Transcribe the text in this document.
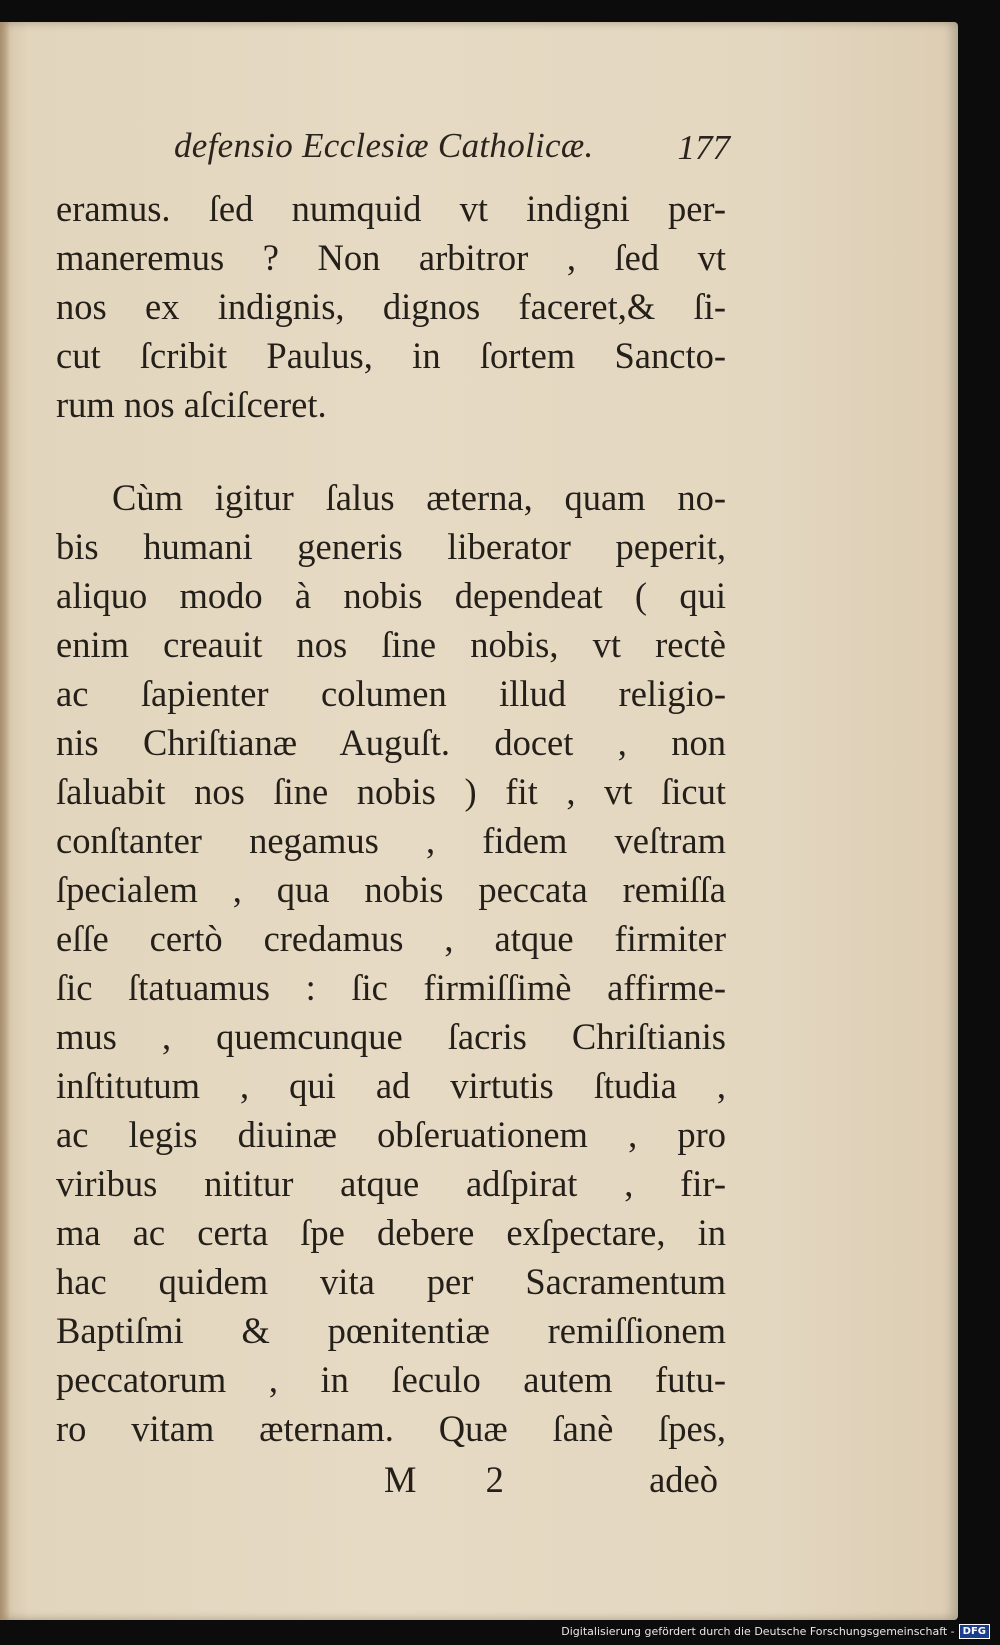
defensio Ecclesiæ Catholicæ. 177
eramus. ſed numquid vt indigni per-
maneremus ? Non arbitror , ſed vt
nos ex indignis, dignos faceret,& ſi-
cut ſcribit Paulus, in ſortem Sancto-
rum nos aſciſceret.
Cùm igitur ſalus æterna, quam no-
bis humani generis liberator peperit,
aliquo modo à nobis dependeat ( qui
enim creauit nos ſine nobis, vt rectè
ac ſapienter columen illud religio-
nis Chriſtianæ Auguſt. docet , non
ſaluabit nos ſine nobis ) fit , vt ſicut
conſtanter negamus , fidem veſtram
ſpecialem , qua nobis peccata remiſſa
eſſe certò credamus , atque firmiter
ſic ſtatuamus : ſic firmiſſimè affirme-
mus , quemcunque ſacris Chriſtianis
inſtitutum , qui ad virtutis ſtudia ,
ac legis diuinæ obſeruationem , pro
viribus nititur atque adſpirat , fir-
ma ac certa ſpe debere exſpectare, in
hac quidem vita per Sacramentum
Baptiſmi & pœnitentiæ remiſſionem
peccatorum , in ſeculo autem futu-
ro vitam æternam. Quæ ſanè ſpes,
M 2	adeò
Digitalisierung gefördert durch die Deutsche Forschungsgemeinschaft - DFG
